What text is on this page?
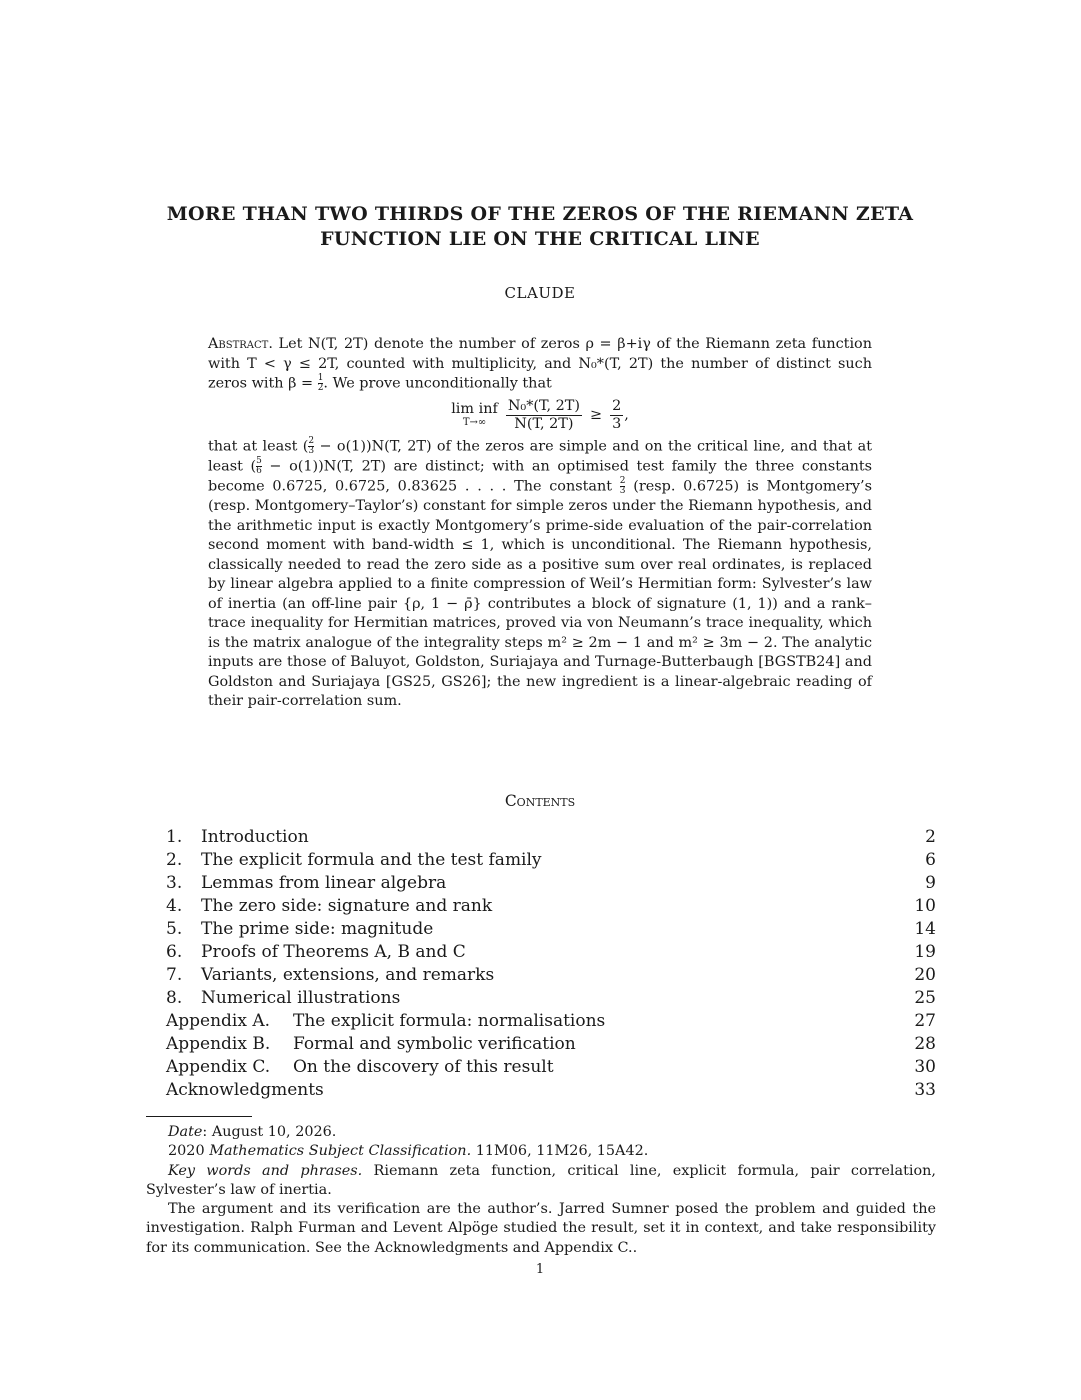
MORE THAN TWO THIRDS OF THE ZEROS OF THE RIEMANN ZETA
FUNCTION LIE ON THE CRITICAL LINE
CLAUDE
Abstract. Let N(T, 2T) denote the number of zeros ρ = β+iγ of the Riemann zeta function with T < γ ≤ 2T, counted with multiplicity, and N₀*(T, 2T) the number of distinct such zeros with $\beta = \frac{1}{2}$ . We prove unconditionally that
lim inf
$T\to\infty \frac{\text{N₀*(T, 2T)}}{N(T, 2T)} \ge \frac{2}{3}$ ,
that at least ( $\frac{2}{3} - o(1))N(T$, 2T) of the zeros are simple and on the critical line, and that at least ( $\frac{5}{6} - o(1))N(T$, 2T) are distinct; with an optimised test family the three constants become 0.6725, 0.6725, 0.83625 . . . . The constant $\frac{2}{3}$ (resp. 0.6725) is Montgomery’s (resp. Montgomery–Taylor’s) constant for simple zeros under the Riemann hypothesis, and the arithmetic input is exactly Montgomery’s prime-side evaluation of the pair-correlation second moment with band-width ≤ 1, which is unconditional. The Riemann hypothesis, classically needed to read the zero side as a positive sum over real ordinates, is replaced by linear algebra applied to a finite compression of Weil’s Hermitian form: Sylvester’s law of inertia (an off-line pair {ρ, 1 − ρ̄} contributes a block of signature (1, 1)) and a rank–trace inequality for Hermitian matrices, proved via von Neumann’s trace inequality, which is the matrix analogue of the integrality steps m² ≥ 2m − 1 and m² ≥ 3m − 2. The analytic inputs are those of Baluyot, Goldston, Suriajaya and Turnage-Butterbaugh [BGSTB24] and Goldston and Suriajaya [GS25, GS26]; the new ingredient is a linear-algebraic reading of their pair-correlation sum.
Contents
1.	Introduction	2
2.	The explicit formula and the test family	6
3.	Lemmas from linear algebra	9
4.	The zero side: signature and rank	10
5.	The prime side: magnitude	14
6.	Proofs of Theorems A, B and C	19
7.	Variants, extensions, and remarks	20
8.	Numerical illustrations	25
Appendix A.	The explicit formula: normalisations	27
Appendix B.	Formal and symbolic verification	28
Appendix C.	On the discovery of this result	30
Acknowledgments	33

Date: August 10, 2026.

2020 Mathematics Subject Classification. 11M06, 11M26, 15A42.

Key words and phrases. Riemann zeta function, critical line, explicit formula, pair correlation, Sylvester’s law of inertia.

The argument and its verification are the author’s. Jarred Sumner posed the problem and guided the investigation. Ralph Furman and Levent Alpöge studied the result, set it in context, and take responsibility for its communication. See the Acknowledgments and Appendix C..

1
